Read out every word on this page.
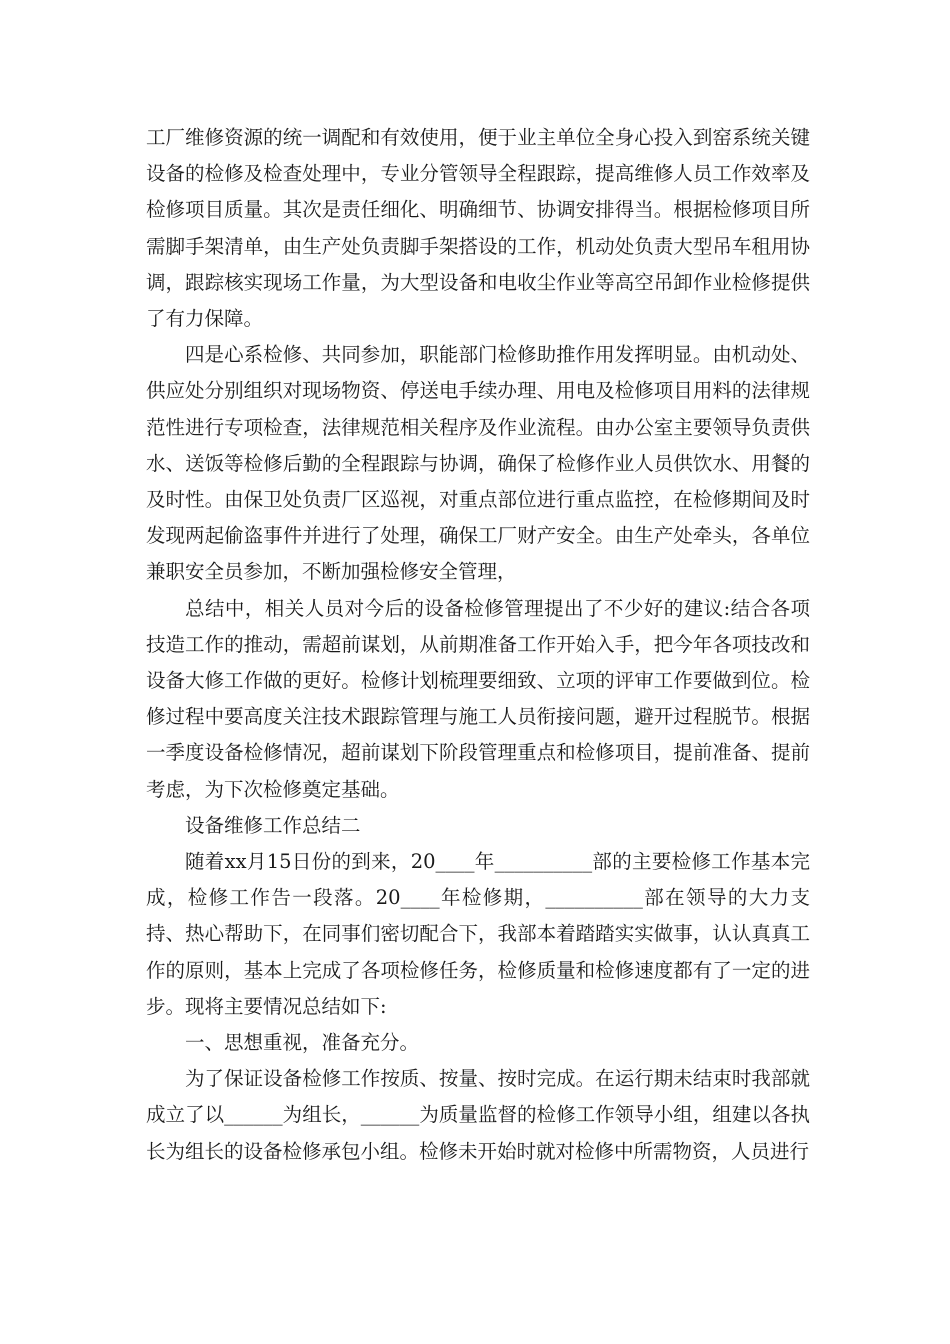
工厂维修资源的统一调配和有效使用，便于业主单位全身心投入到窑系统关键设备的检修及检查处理中，专业分管领导全程跟踪，提高维修人员工作效率及检修项目质量。其次是责任细化、明确细节、协调安排得当。根据检修项目所需脚手架清单，由生产处负责脚手架搭设的工作，机动处负责大型吊车租用协调，跟踪核实现场工作量，为大型设备和电收尘作业等高空吊卸作业检修提供了有力保障。

四是心系检修、共同参加，职能部门检修助推作用发挥明显。由机动处、供应处分别组织对现场物资、停送电手续办理、用电及检修项目用料的法律规范性进行专项检查，法律规范相关程序及作业流程。由办公室主要领导负责供水、送饭等检修后勤的全程跟踪与协调，确保了检修作业人员供饮水、用餐的及时性。由保卫处负责厂区巡视，对重点部位进行重点监控，在检修期间及时发现两起偷盗事件并进行了处理，确保工厂财产安全。由生产处牵头，各单位兼职安全员参加，不断加强检修安全管理，

总结中，相关人员对今后的设备检修管理提出了不少好的建议:结合各项技造工作的推动，需超前谋划，从前期准备工作开始入手，把今年各项技改和设备大修工作做的更好。检修计划梳理要细致、立项的评审工作要做到位。检修过程中要高度关注技术跟踪管理与施工人员衔接问题，避开过程脱节。根据一季度设备检修情况，超前谋划下阶段管理重点和检修项目，提前准备、提前考虑，为下次检修奠定基础。

设备维修工作总结二

随着xx月15日份的到来，20____年__________部的主要检修工作基本完成，检修工作告一段落。20____年检修期，__________部在领导的大力支持、热心帮助下，在同事们密切配合下，我部本着踏踏实实做事，认认真真工作的原则，基本上完成了各项检修任务，检修质量和检修速度都有了一定的进步。现将主要情况总结如下:

一、思想重视，准备充分。

为了保证设备检修工作按质、按量、按时完成。在运行期未结束时我部就成立了以______为组长，______为质量监督的检修工作领导小组，组建以各执长为组长的设备检修承包小组。检修未开始时就对检修中所需物资，人员进行
